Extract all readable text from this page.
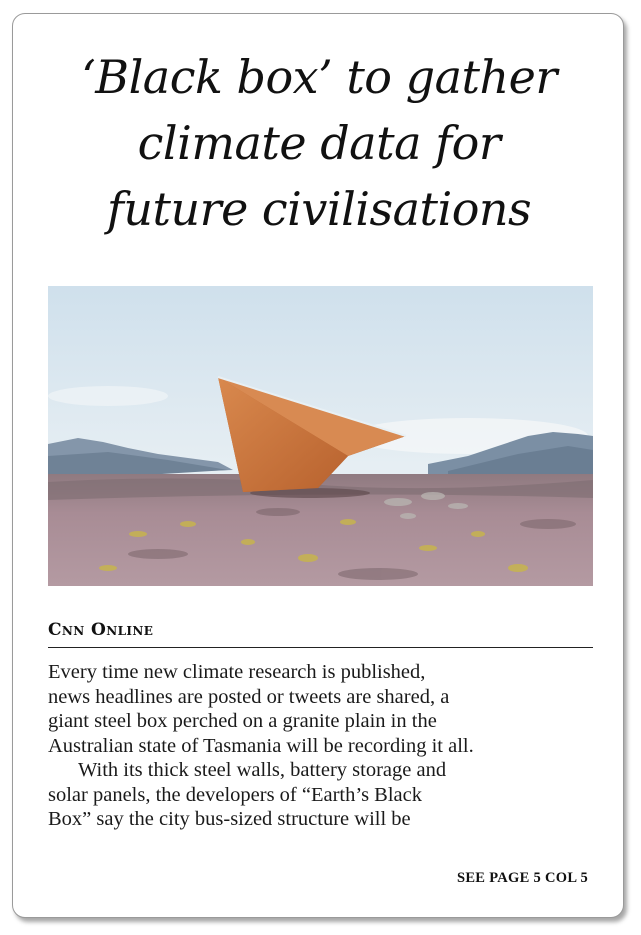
‘Black box’ to gather
climate data for
future civilisations

Cnn Online

Every time new climate research is published,
news headlines are posted or tweets are shared, a
giant steel box perched on a granite plain in the
Australian state of Tasmania will be recording it all.
With its thick steel walls, battery storage and
solar panels, the developers of “Earth’s Black
Box” say the city bus-sized structure will be

SEE PAGE 5 COL 5
